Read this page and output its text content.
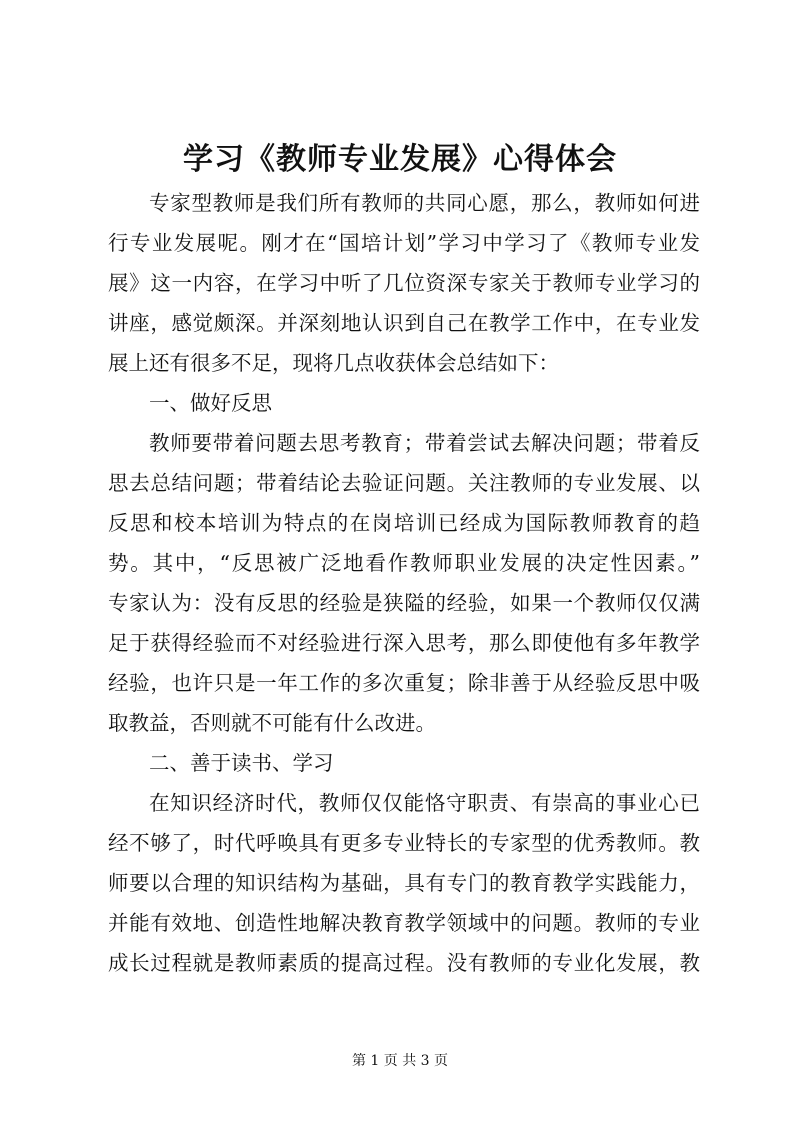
学习《教师专业发展》心得体会
专家型教师是我们所有教师的共同心愿，那么，教师如何进
行专业发展呢。刚才在“国培计划”学习中学习了《教师专业发
展》这一内容，在学习中听了几位资深专家关于教师专业学习的
讲座，感觉颇深。并深刻地认识到自己在教学工作中，在专业发
展上还有很多不足，现将几点收获体会总结如下：
一、做好反思
教师要带着问题去思考教育；带着尝试去解决问题；带着反
思去总结问题；带着结论去验证问题。关注教师的专业发展、以
反思和校本培训为特点的在岗培训已经成为国际教师教育的趋
势。其中，“反思被广泛地看作教师职业发展的决定性因素。”
专家认为：没有反思的经验是狭隘的经验，如果一个教师仅仅满
足于获得经验而不对经验进行深入思考，那么即使他有多年教学
经验，也许只是一年工作的多次重复；除非善于从经验反思中吸
取教益，否则就不可能有什么改进。
二、善于读书、学习
在知识经济时代，教师仅仅能恪守职责、有崇高的事业心已
经不够了，时代呼唤具有更多专业特长的专家型的优秀教师。教
师要以合理的知识结构为基础，具有专门的教育教学实践能力，
并能有效地、创造性地解决教育教学领域中的问题。教师的专业
成长过程就是教师素质的提高过程。没有教师的专业化发展，教
第 1 页 共 3 页
